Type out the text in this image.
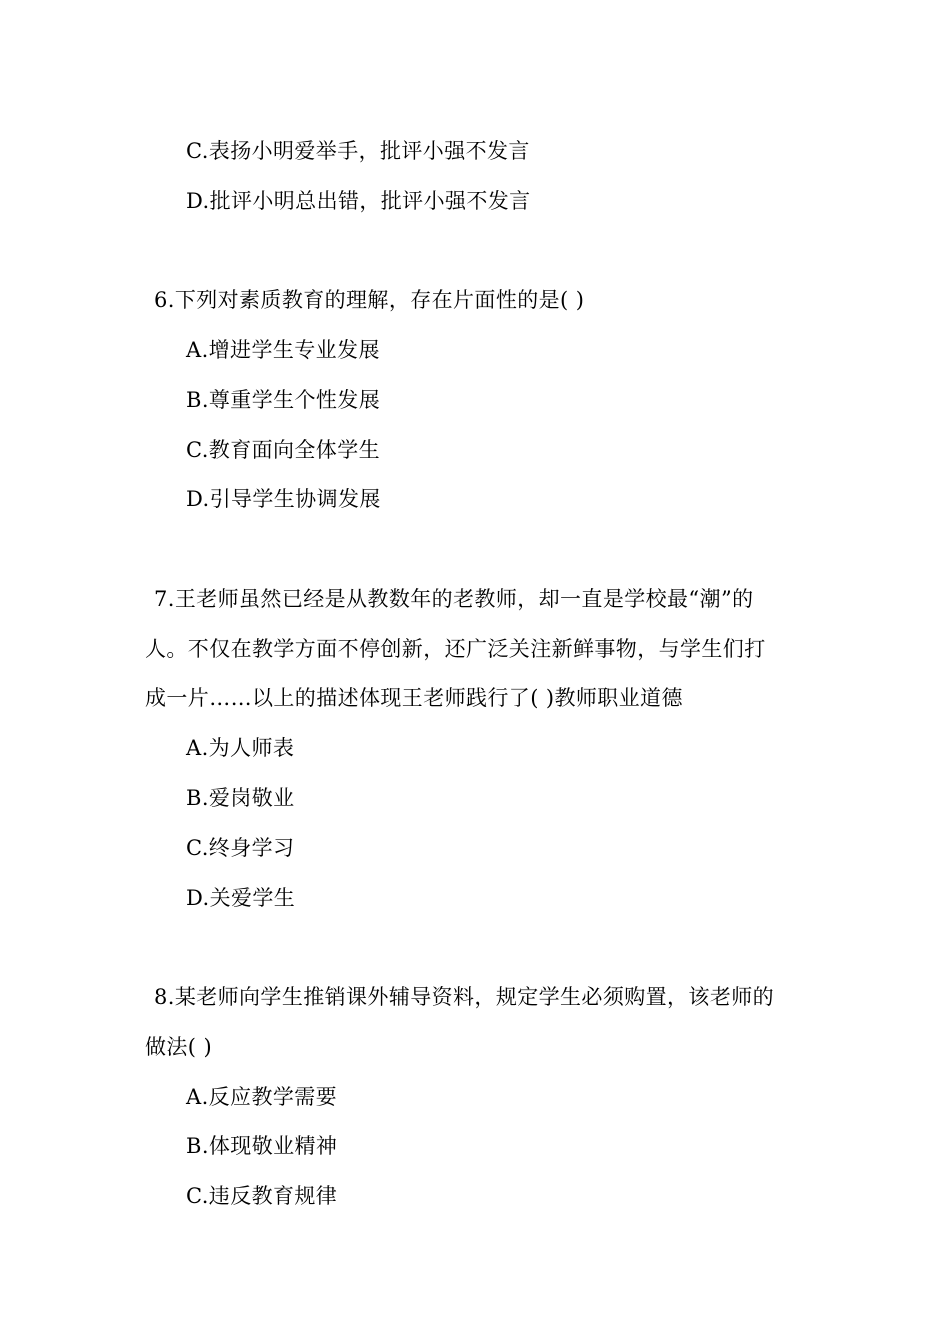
C.表扬小明爱举手，批评小强不发言
D.批评小明总出错，批评小强不发言
6.下列对素质教育的理解，存在片面性的是( )
A.增进学生专业发展
B.尊重学生个性发展
C.教育面向全体学生
D.引导学生协调发展
7.王老师虽然已经是从教数年的老教师，却一直是学校最“潮”的
人。不仅在教学方面不停创新，还广泛关注新鲜事物，与学生们打
成一片……以上的描述体现王老师践行了( )教师职业道德
A.为人师表
B.爱岗敬业
C.终身学习
D.关爱学生
8.某老师向学生推销课外辅导资料，规定学生必须购置，该老师的
做法( )
A.反应教学需要
B.体现敬业精神
C.违反教育规律
